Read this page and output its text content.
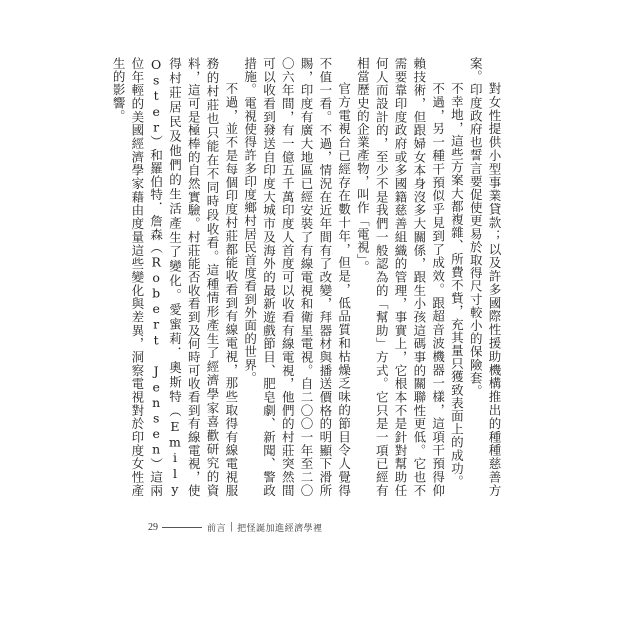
對女性提供小型事業貸款；以及許多國際性援助機構推出的種種慈善方案。印度政府也誓言要促使更易於取得尺寸較小的保險套。

不幸地，這些方案大都複雜、所費不貲，充其量只獲致表面上的成功。

不過，另一種干預似乎見到了成效。跟超音波機器一樣，這項干預得仰賴技術，但跟婦女本身沒多大關係，跟生小孩這碼事的關聯性更低。它也不需要靠印度政府或多國籍慈善組織的管理，事實上，它根本不是針對幫助任何人而設計的，至少不是我們一般認為的「幫助」方式。它只是一項已經有相當歷史的企業產物，叫作「電視」。

官方電視台已經存在數十年，但是，低品質和枯燥乏味的節目令人覺得不值一看。不過，情況在近年間有了改變，拜器材與播送價格的明顯下滑所賜，印度有廣大地區已經安裝了有線電視和衛星電視。自二〇〇一年至二〇〇六年間，有一億五千萬印度人首度可以收看有線電視，他們的村莊突然間可以收看到發送自印度大城市及海外的最新遊戲節目、肥皂劇、新聞、警政措施。電視使得許多印度鄉村居民首度看到外面的世界。

不過，並不是每個印度村莊都能收看到有線電視，那些取得有線電視服務的村莊也只能在不同時段收看。這種情形產生了經濟學家喜歡研究的資料，這可是極棒的自然實驗。村莊能否收看到及何時可收看到有線電視，使得村莊居民及他們的生活產生了變化。愛蜜莉．奧斯特（Emily Oster）和羅伯特．詹森（Robert Jensen）這兩位年輕的美國經濟學家藉由度量這些變化與差異，洞察電視對於印度女性產生的影響。

29	前言 | 把怪誕加進經濟學裡
